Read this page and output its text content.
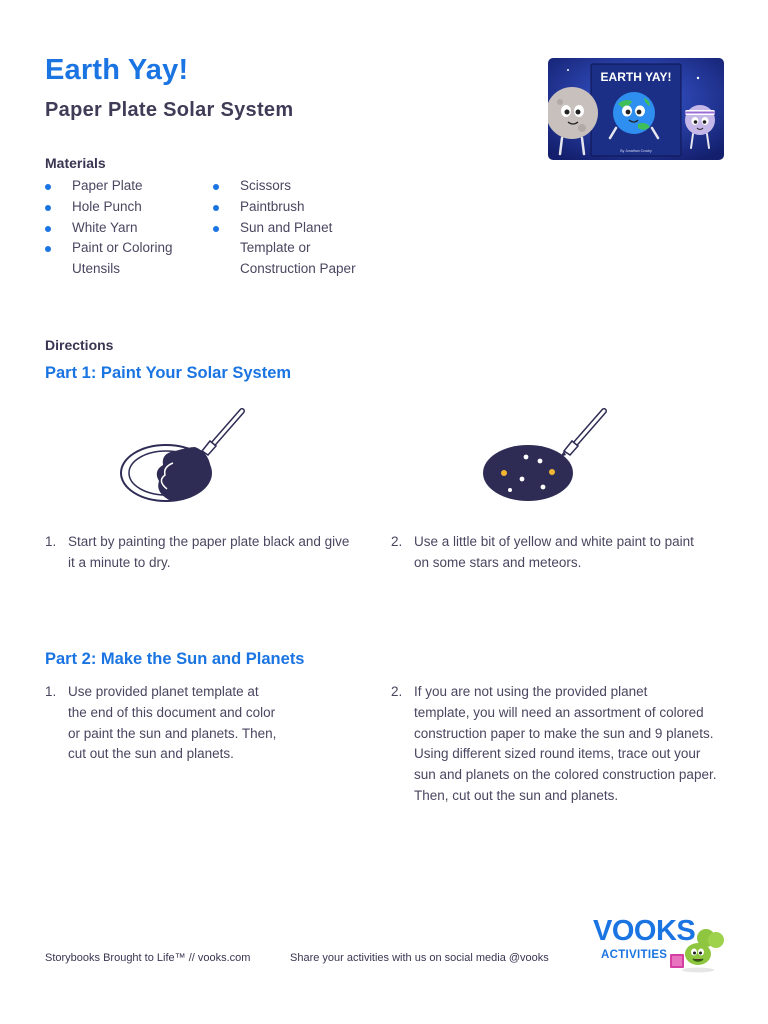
Earth Yay!
Paper Plate Solar System
EARTH YAY!
By Jonathan Crosby
Materials
Paper Plate
Hole Punch
White Yarn
Paint or Coloring
Utensils
Scissors
Paintbrush
Sun and Planet
Template or
Construction Paper
Directions
Part 1: Paint Your Solar System
1. Start by painting the paper plate black and give
it a minute to dry.
2. Use a little bit of yellow and white paint to paint
on some stars and meteors.
Part 2: Make the Sun and Planets
1. Use provided planet template at
the end of this document and color
or paint the sun and planets. Then,
cut out the sun and planets.
2. If you are not using the provided planet
template, you will need an assortment of colored
construction paper to make the sun and 9 planets.
Using different sized round items, trace out your
sun and planets on the colored construction paper.
Then, cut out the sun and planets.
Storybooks Brought to Life™ // vooks.com	Share your activities with us on social media @vooks
VOOKS
ACTIVITIES
